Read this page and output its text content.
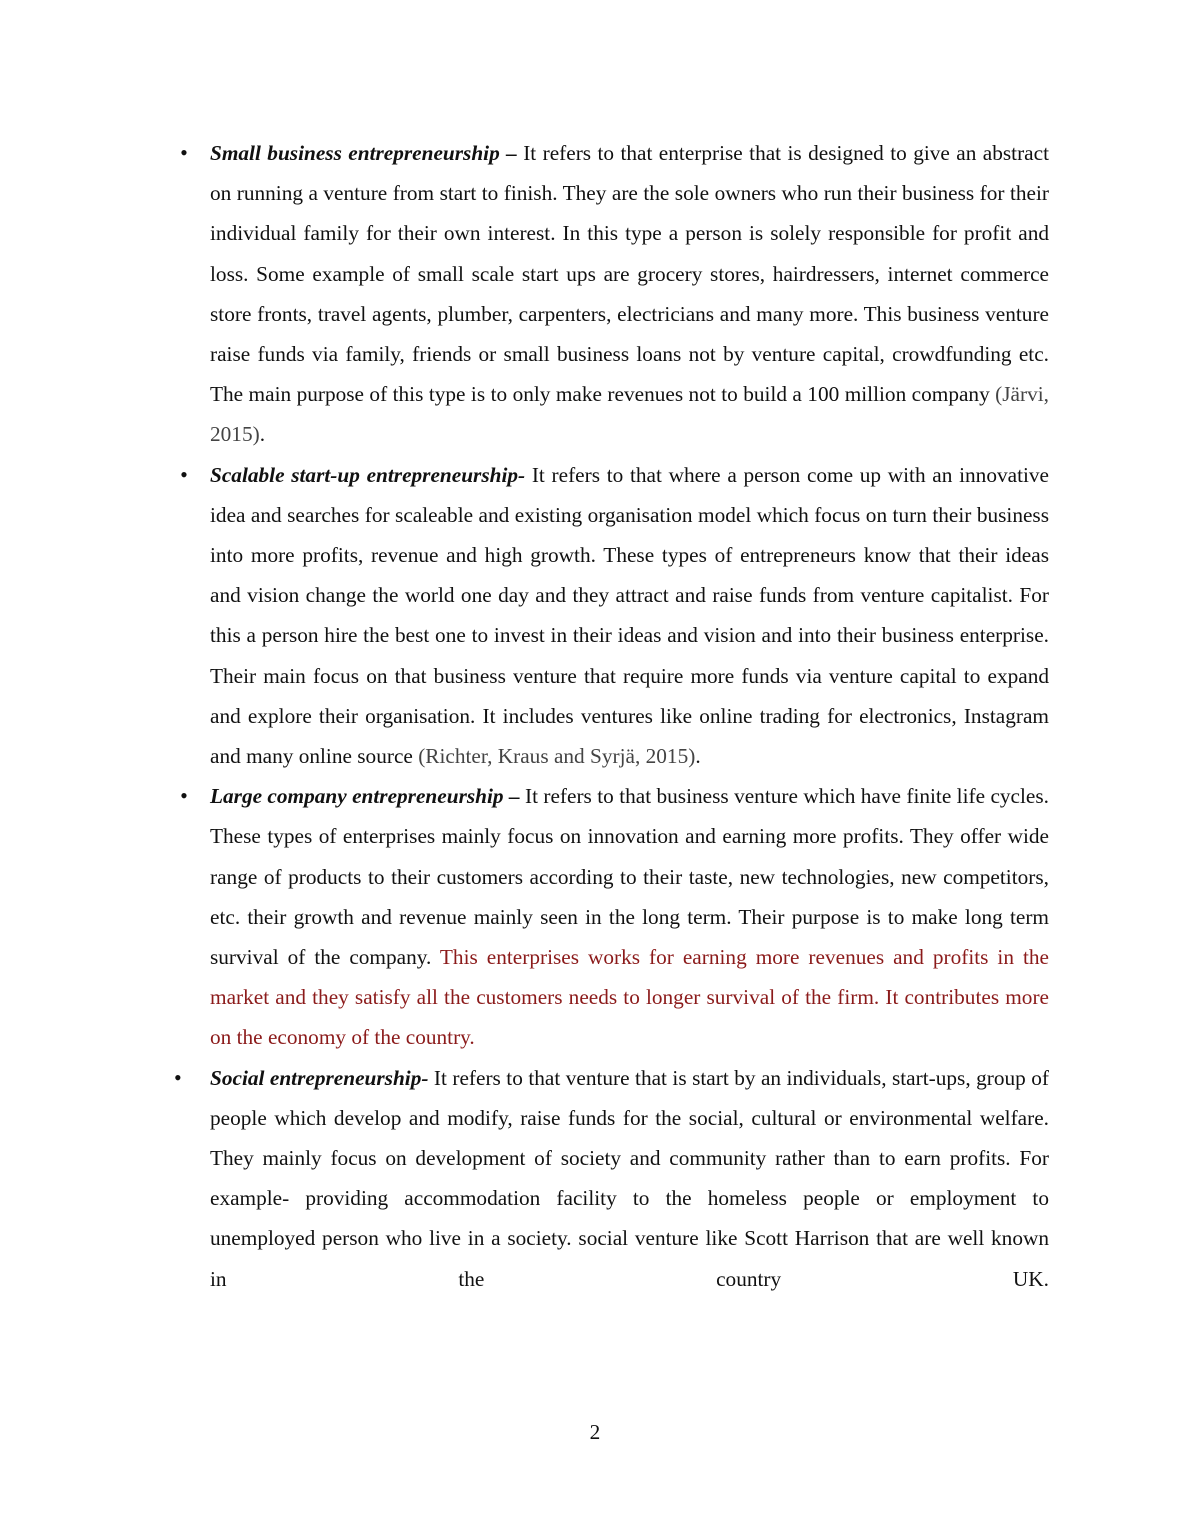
• Small business entrepreneurship – It refers to that enterprise that is designed to give an abstract on running a venture from start to finish. They are the sole owners who run their business for their individual family for their own interest. In this type a person is solely responsible for profit and loss. Some example of small scale start ups are grocery stores, hairdressers, internet commerce store fronts, travel agents, plumber, carpenters, electricians and many more. This business venture raise funds via family, friends or small business loans not by venture capital, crowdfunding etc. The main purpose of this type is to only make revenues not to build a 100 million company (Järvi, 2015).
• Scalable start-up entrepreneurship- It refers to that where a person come up with an innovative idea and searches for scaleable and existing organisation model which focus on turn their business into more profits, revenue and high growth. These types of entrepreneurs know that their ideas and vision change the world one day and they attract and raise funds from venture capitalist. For this a person hire the best one to invest in their ideas and vision and into their business enterprise. Their main focus on that business venture that require more funds via venture capital to expand and explore their organisation. It includes ventures like online trading for electronics, Instagram and many online source (Richter, Kraus and Syrjä, 2015).
• Large company entrepreneurship – It refers to that business venture which have finite life cycles. These types of enterprises mainly focus on innovation and earning more profits. They offer wide range of products to their customers according to their taste, new technologies, new competitors, etc. their growth and revenue mainly seen in the long term. Their purpose is to make long term survival of the company. This enterprises works for earning more revenues and profits in the market and they satisfy all the customers needs to longer survival of the firm. It contributes more on the economy of the country.
•	Social entrepreneurship- It refers to that venture that is start by an individuals, start-ups, group of people which develop and modify, raise funds for the social, cultural or environmental welfare. They mainly focus on development of society and community rather than to earn profits. For example- providing accommodation facility to the homeless people or employment to unemployed person who live in a society. social venture like Scott Harrison that are well known in the country UK.
2
